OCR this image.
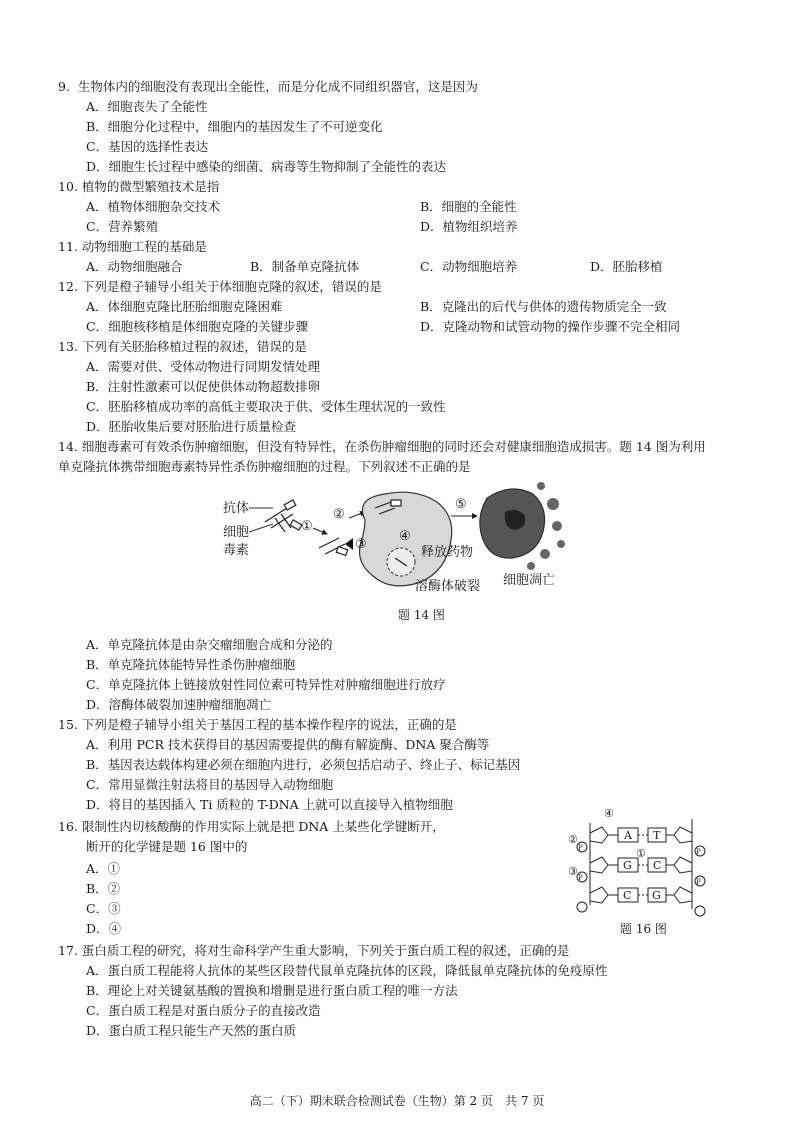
9. 生物体内的细胞没有表现出全能性，而是分化成不同组织器官，这是因为
A．细胞丧失了全能性
B．细胞分化过程中，细胞内的基因发生了不可逆变化
C．基因的选择性表达
D．细胞生长过程中感染的细菌、病毒等生物抑制了全能性的表达
10. 植物的微型繁殖技术是指
A．植物体细胞杂交技术	B．细胞的全能性
C．营养繁殖	D．植物组织培养
11. 动物细胞工程的基础是
A．动物细胞融合	B．制备单克隆抗体	C．动物细胞培养	D．胚胎移植
12. 下列是橙子辅导小组关于体细胞克隆的叙述，错误的是
A．体细胞克隆比胚胎细胞克隆困难	B．克隆出的后代与供体的遗传物质完全一致
C．细胞核移植是体细胞克隆的关键步骤	D．克隆动物和试管动物的操作步骤不完全相同
13. 下列有关胚胎移植过程的叙述，错误的是
A．需要对供、受体动物进行同期发情处理
B．注射性激素可以促使供体动物超数排卵
C．胚胎移植成功率的高低主要取决于供、受体生理状况的一致性
D．胚胎收集后要对胚胎进行质量检查
14. 细胞毒素可有效杀伤肿瘤细胞，但没有特异性，在杀伤肿瘤细胞的同时还会对健康细胞造成损害。题 14 图为利用
单克隆抗体携带细胞毒素特异性杀伤肿瘤细胞的过程。下列叙述不正确的是
抗体
细胞
毒素
①
②
③
④
释放药物
溶酶体破裂
⑤
细胞凋亡
题 14 图
A．单克隆抗体是由杂交瘤细胞合成和分泌的
B．单克隆抗体能特异性杀伤肿瘤细胞
C．单克隆抗体上链接放射性同位素可特异性对肿瘤细胞进行放疗
D．溶酶体破裂加速肿瘤细胞凋亡
15. 下列是橙子辅导小组关于基因工程的基本操作程序的说法，正确的是
A．利用 PCR 技术获得目的基因需要提供的酶有解旋酶、DNA 聚合酶等
B．基因表达载体构建必须在细胞内进行，必须包括启动子、终止子、标记基因
C．常用显微注射法将目的基因导入动物细胞
D．将目的基因插入 Ti 质粒的 T-DNA 上就可以直接导入植物细胞
16. 限制性内切核酸酶的作用实际上就是把 DNA 上某些化学键断开，
断开的化学键是题 16 图中的
A．①
B．②
C．③
D．④
A T
G C
C G
④
②
①
③
P
P
P
P
题 16 图
17. 蛋白质工程的研究，将对生命科学产生重大影响，下列关于蛋白质工程的叙述，正确的是
A．蛋白质工程能将人抗体的某些区段替代鼠单克隆抗体的区段，降低鼠单克隆抗体的免疫原性
B．理论上对关键氨基酸的置换和增删是进行蛋白质工程的唯一方法
C．蛋白质工程是对蛋白质分子的直接改造
D．蛋白质工程只能生产天然的蛋白质
高二（下）期末联合检测试卷（生物）第 2 页　共 7 页
